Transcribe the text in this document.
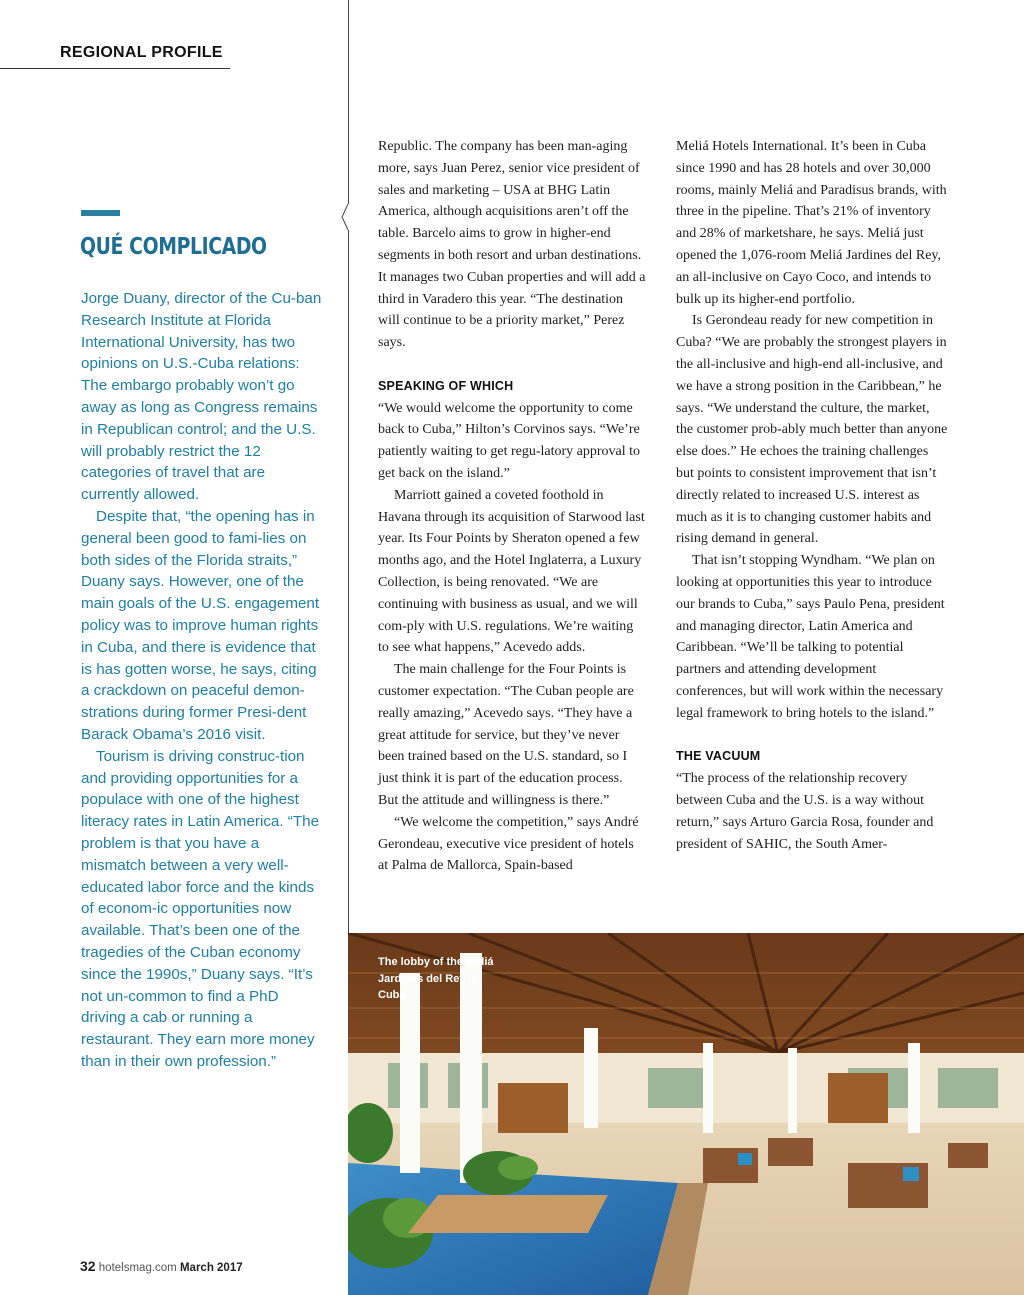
REGIONAL PROFILE
QUÉ COMPLICADO

Jorge Duany, director of the Cu-ban Research Institute at Florida International University, has two opinions on U.S.-Cuba relations: The embargo probably won’t go away as long as Congress remains in Republican control; and the U.S. will probably restrict the 12 categories of travel that are currently allowed.

Despite that, “the opening has in general been good to fami-lies on both sides of the Florida straits,” Duany says. However, one of the main goals of the U.S. engagement policy was to improve human rights in Cuba, and there is evidence that is has gotten worse, he says, citing a crackdown on peaceful demon-strations during former Presi-dent Barack Obama’s 2016 visit.

Tourism is driving construc-tion and providing opportunities for a populace with one of the highest literacy rates in Latin America. “The problem is that you have a mismatch between a very well-educated labor force and the kinds of econom-ic opportunities now available. That’s been one of the tragedies of the Cuban economy since the 1990s,” Duany says. “It’s not un-common to find a PhD driving a cab or running a restaurant. They earn more money than in their own profession.”

Republic. The company has been man-aging more, says Juan Perez, senior vice president of sales and marketing – USA at BHG Latin America, although acquisitions aren’t off the table. Barcelo aims to grow in higher-end segments in both resort and urban destinations. It manages two Cuban properties and will add a third in Varadero this year. “The destination will continue to be a priority market,” Perez says.

SPEAKING OF WHICH

“We would welcome the opportunity to come back to Cuba,” Hilton’s Corvinos says. “We’re patiently waiting to get regu-latory approval to get back on the island.”

Marriott gained a coveted foothold in Havana through its acquisition of Starwood last year. Its Four Points by Sheraton opened a few months ago, and the Hotel Inglaterra, a Luxury Collection, is being renovated. “We are continuing with business as usual, and we will com-ply with U.S. regulations. We’re waiting to see what happens,” Acevedo adds.

The main challenge for the Four Points is customer expectation. “The Cuban people are really amazing,” Acevedo says. “They have a great attitude for service, but they’ve never been trained based on the U.S. standard, so I just think it is part of the education process. But the attitude and willingness is there.”

“We welcome the competition,” says André Gerondeau, executive vice president of hotels at Palma de Mallorca, Spain-based

Meliá Hotels International. It’s been in Cuba since 1990 and has 28 hotels and over 30,000 rooms, mainly Meliá and Paradisus brands, with three in the pipeline. That’s 21% of inventory and 28% of marketshare, he says. Meliá just opened the 1,076-room Meliá Jardines del Rey, an all-inclusive on Cayo Coco, and intends to bulk up its higher-end portfolio.

Is Gerondeau ready for new competition in Cuba? “We are probably the strongest players in the all-inclusive and high-end all-inclusive, and we have a strong position in the Caribbean,” he says. “We understand the culture, the market, the customer prob-ably much better than anyone else does.” He echoes the training challenges but points to consistent improvement that isn’t directly related to increased U.S. interest as much as it is to changing customer habits and rising demand in general.

That isn’t stopping Wyndham. “We plan on looking at opportunities this year to introduce our brands to Cuba,” says Paulo Pena, president and managing director, Latin America and Caribbean. “We’ll be talking to potential partners and attending development conferences, but will work within the necessary legal framework to bring hotels to the island.”

THE VACUUM

“The process of the relationship recovery between Cuba and the U.S. is a way without return,” says Arturo Garcia Rosa, founder and president of SAHIC, the South Amer-

The lobby of the Meliá Jardines del Rey in Cuba
32 hotelsmag.com March 2017
